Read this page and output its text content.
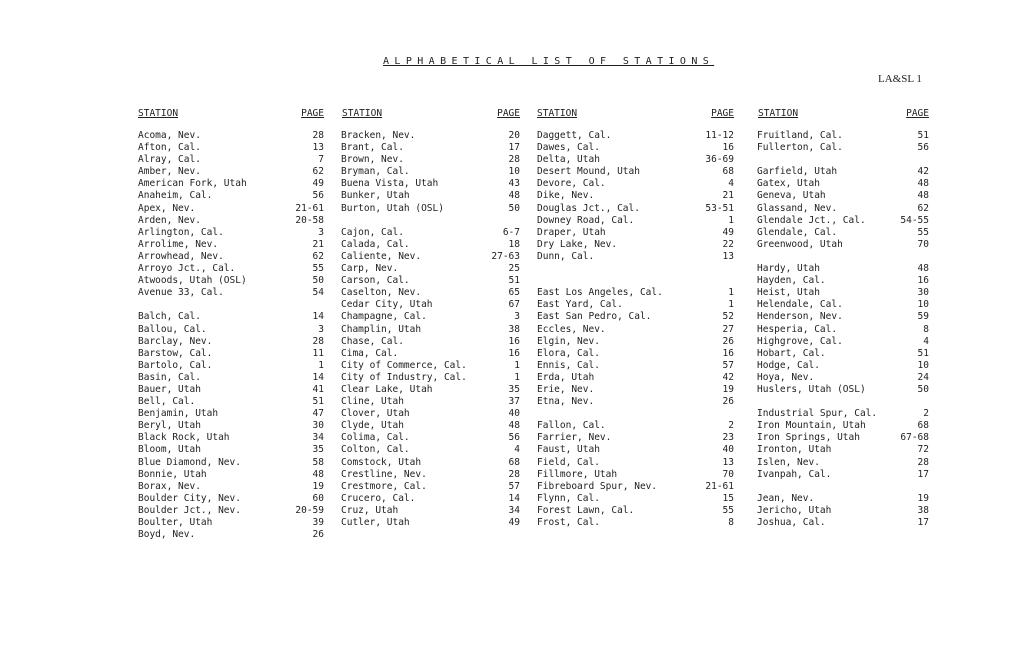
ALPHABETICAL LIST OF STATIONS
LA&SL 1
STATION	PAGE STATION	PAGE STATION	PAGE	STATION	PAGE
Acoma, Nev.	28
Afton, Cal.	13
Alray, Cal.	7
Amber, Nev.	62
American Fork, Utah	49
Anaheim, Cal.	56
Apex, Nev.	21-61
Arden, Nev.	20-58
Arlington, Cal.	3
Arrolime, Nev.	21
Arrowhead, Nev.	62
Arroyo Jct., Cal.	55
Atwoods, Utah (OSL)	50
Avenue 33, Cal.	54
Balch, Cal.	14
Ballou, Cal.	3
Barclay, Nev.	28
Barstow, Cal.	11
Bartolo, Cal.	1
Basin, Cal.	14
Bauer, Utah	41
Bell, Cal.	51
Benjamin, Utah	47
Beryl, Utah	30
Black Rock, Utah	34
Bloom, Utah	35
Blue Diamond, Nev.	58
Bonnie, Utah	48
Borax, Nev.	19
Boulder City, Nev.	60
Boulder Jct., Nev.	20-59
Boulter, Utah	39
Boyd, Nev.	26
Bracken, Nev.	20
Brant, Cal.	17
Brown, Nev.	28
Bryman, Cal.	10
Buena Vista, Utah	43
Bunker, Utah	48
Burton, Utah (OSL)	50
Cajon, Cal.	6-7
Calada, Cal.	18
Caliente, Nev.	27-63
Carp, Nev.	25
Carson, Cal.	51
Caselton, Nev.	65
Cedar City, Utah	67
Champagne, Cal.	3
Champlin, Utah	38
Chase, Cal.	16
Cima, Cal.	16
City of Commerce, Cal.	1
City of Industry, Cal.	1
Clear Lake, Utah	35
Cline, Utah	37
Clover, Utah	40
Clyde, Utah	48
Colima, Cal.	56
Colton, Cal.	4
Comstock, Utah	68
Crestline, Nev.	28
Crestmore, Cal.	57
Crucero, Cal.	14
Cruz, Utah	34
Cutler, Utah	49
Daggett, Cal.	11-12
Dawes, Cal.	16
Delta, Utah	36-69
Desert Mound, Utah	68
Devore, Cal.	4
Dike, Nev.	21
Douglas Jct., Cal.	53-51
Downey Road, Cal.	1
Draper, Utah	49
Dry Lake, Nev.	22
Dunn, Cal.	13
East Los Angeles, Cal.	1
East Yard, Cal.	1
East San Pedro, Cal.	52
Eccles, Nev.	27
Elgin, Nev.	26
Elora, Cal.	16
Ennis, Cal.	57
Erda, Utah	42
Erie, Nev.	19
Etna, Nev.	26
Fallon, Cal.	2
Farrier, Nev.	23
Faust, Utah	40
Field, Cal.	13
Fillmore, Utah	70
Fibreboard Spur, Nev.	21-61
Flynn, Cal.	15
Forest Lawn, Cal.	55
Frost, Cal.	8
Fruitland, Cal.	51
Fullerton, Cal.	56
Garfield, Utah	42
Gatex, Utah	48
Geneva, Utah	48
Glassand, Nev.	62
Glendale Jct., Cal.	54-55
Glendale, Cal.	55
Greenwood, Utah	70
Hardy, Utah	48
Hayden, Cal.	16
Heist, Utah	30
Helendale, Cal.	10
Henderson, Nev.	59
Hesperia, Cal.	8
Highgrove, Cal.	4
Hobart, Cal.	51
Hodge, Cal.	10
Hoya, Nev.	24
Huslers, Utah (OSL)	50
Industrial Spur, Cal.	2
Iron Mountain, Utah	68
Iron Springs, Utah	67-68
Ironton, Utah	72
Islen, Nev.	28
Ivanpah, Cal.	17
Jean, Nev.	19
Jericho, Utah	38
Joshua, Cal.	17
